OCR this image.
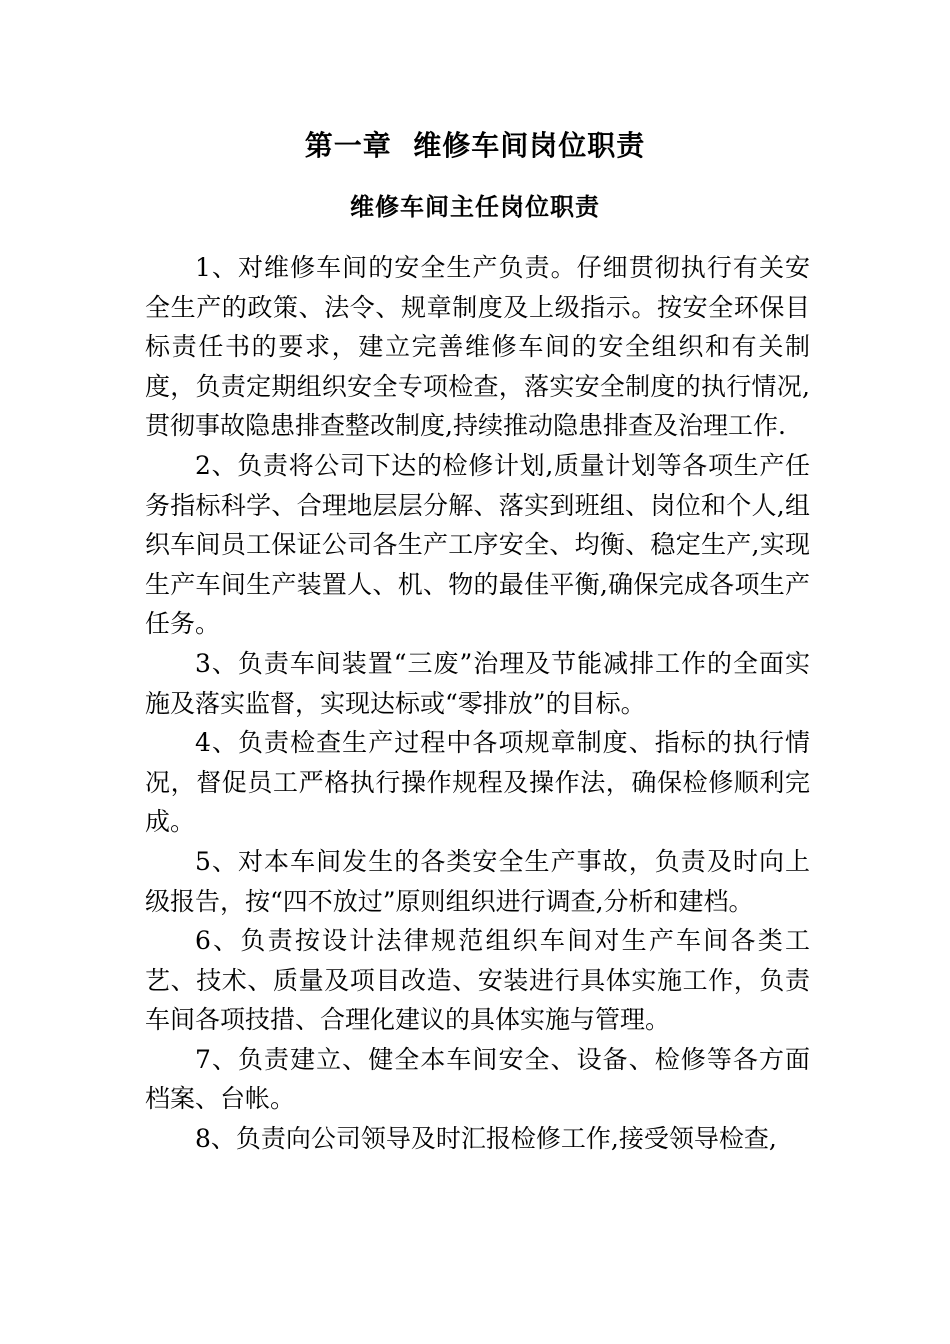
第一章  维修车间岗位职责
维修车间主任岗位职责

1、对维修车间的安全生产负责。仔细贯彻执行有关安全生产的政策、法令、规章制度及上级指示。按安全环保目标责任书的要求，建立完善维修车间的安全组织和有关制度，负责定期组织安全专项检查，落实安全制度的执行情况,贯彻事故隐患排查整改制度,持续推动隐患排查及治理工作.

2、负责将公司下达的检修计划,质量计划等各项生产任务指标科学、合理地层层分解、落实到班组、岗位和个人,组织车间员工保证公司各生产工序安全、均衡、稳定生产,实现生产车间生产装置人、机、物的最佳平衡,确保完成各项生产任务。

3、负责车间装置“三废”治理及节能减排工作的全面实施及落实监督，实现达标或“零排放”的目标。

4、负责检查生产过程中各项规章制度、指标的执行情况，督促员工严格执行操作规程及操作法，确保检修顺利完成。

5、对本车间发生的各类安全生产事故，负责及时向上级报告，按“四不放过”原则组织进行调查,分析和建档。

6、负责按设计法律规范组织车间对生产车间各类工艺、技术、质量及项目改造、安装进行具体实施工作，负责车间各项技措、合理化建议的具体实施与管理。

7、负责建立、健全本车间安全、设备、检修等各方面档案、台帐。

8、负责向公司领导及时汇报检修工作,接受领导检查,
